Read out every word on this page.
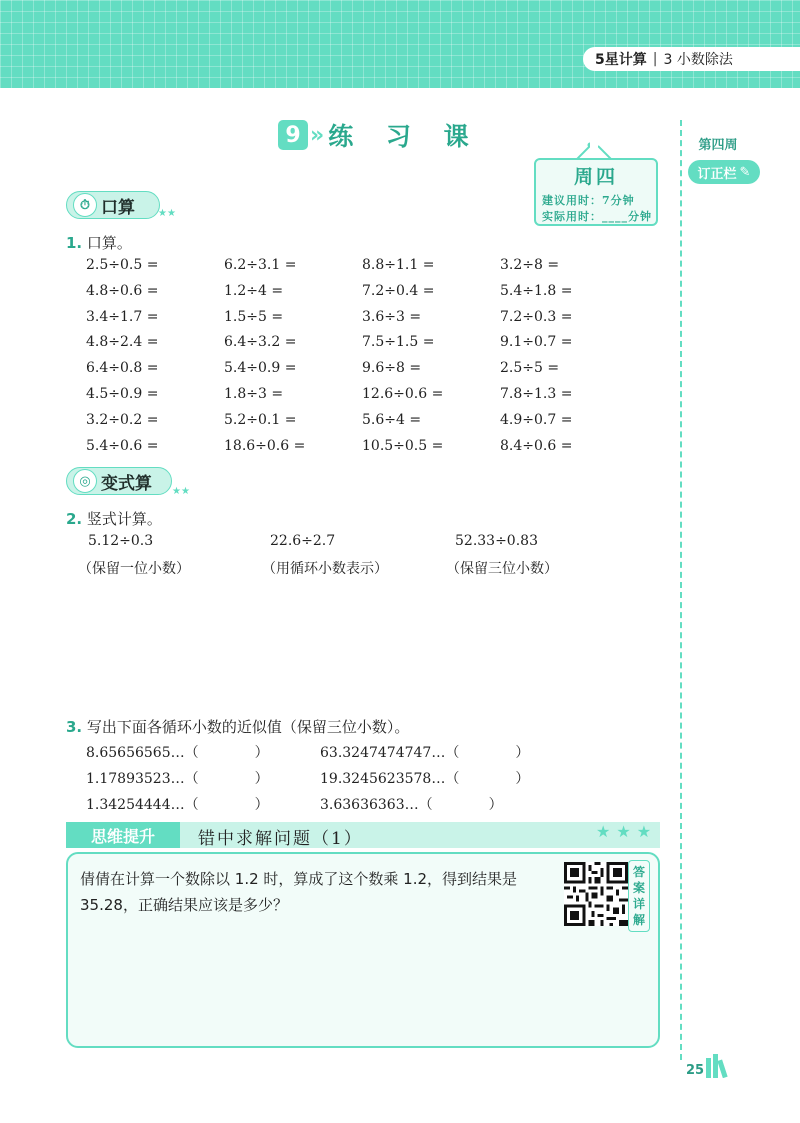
5星计算 | 3 小数除法
第四周
订正栏 ✎
9 » 练 习 课
周四
建议用时：7分钟
实际用时：____分钟
⏱ 口算 ★★
1. 口算。
2.5÷0.5 =	6.2÷3.1 =	8.8÷1.1 =	3.2÷8 =
4.8÷0.6 =	1.2÷4 =	7.2÷0.4 =	5.4÷1.8 =
3.4÷1.7 =	1.5÷5 =	3.6÷3 =	7.2÷0.3 =
4.8÷2.4 =	6.4÷3.2 =	7.5÷1.5 =	9.1÷0.7 =
6.4÷0.8 =	5.4÷0.9 =	9.6÷8 =	2.5÷5 =
4.5÷0.9 =	1.8÷3 =	12.6÷0.6 =	7.8÷1.3 =
3.2÷0.2 =	5.2÷0.1 =	5.6÷4 =	4.9÷0.7 =
5.4÷0.6 =	18.6÷0.6 =	10.5÷0.5 =	8.4÷0.6 =
◎ 变式算 ★★
2. 竖式计算。
5.12÷0.3	22.6÷2.7	52.33÷0.83
（保留一位小数）	（用循环小数表示）	（保留三位小数）
3. 写出下面各循环小数的近似值（保留三位小数）。
8.65656565…（　　　　）	63.3247474747…（　　　　）
1.17893523…（　　　　）	19.3245623578…（　　　　）
1.34254444…（　　　　）	3.63636363…（　　　　）
思维提升	错中求解问题（1）	★★★
倩倩在计算一个数除以 1.2 时，算成了这个数乘 1.2，得到结果是 35.28，正确结果应该是多少？
答
案
详
解
25
